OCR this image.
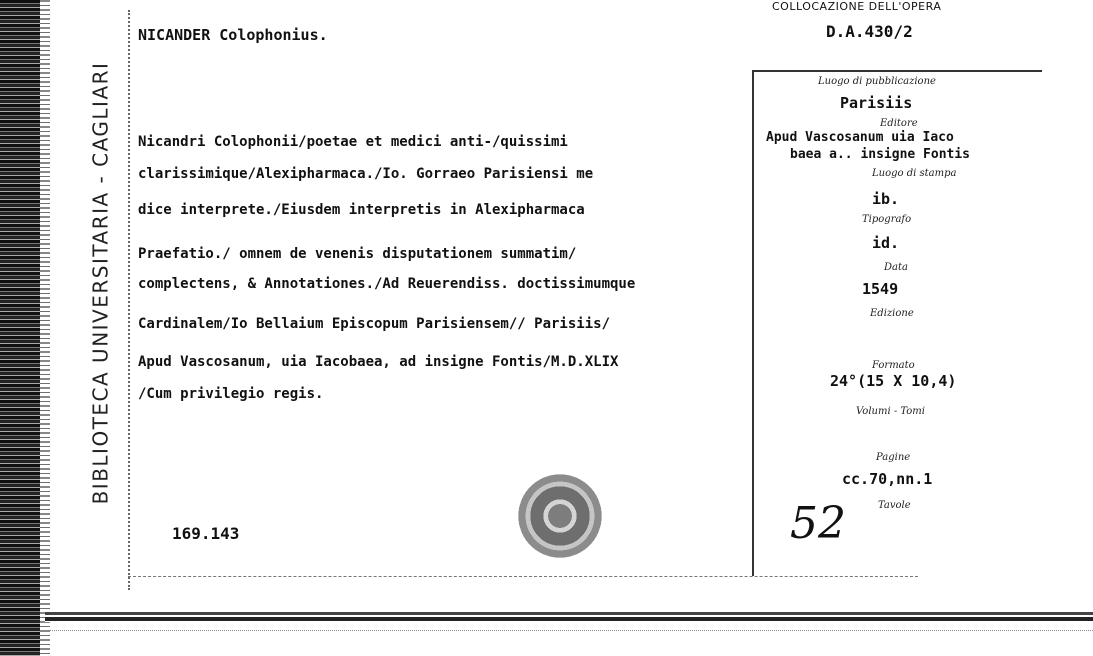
BIBLIOTECA UNIVERSITARIA - CAGLIARI
NICANDER Colophonius.
COLLOCAZIONE DELL'OPERA
D.A.430/2
Nicandri Colophonii/poetae et medici anti-/quissimi
clarissimique/Alexipharmaca./Io. Gorraeo Parisiensi me
dice interprete./Eiusdem interpretis in Alexipharmaca
Praefatio./ omnem de venenis disputationem summatim/
complectens, & Annotationes./Ad Reuerendiss. doctissimumque
Cardinalem/Io Bellaium Episcopum Parisiensem// Parisiis/
Apud Vascosanum, uia Iacobaea, ad insigne Fontis/M.D.XLIX
/Cum privilegio regis.
Luogo di pubblicazione
Parisiis
Editore
Apud Vascosanum uia Iaco
baea a.. insigne Fontis
Luogo di stampa
ib.
Tipografo
id.
Data
1549
Edizione
Formato
24°(15 X 10,4)
Volumi - Tomi
Pagine
cc.70,nn.1
Tavole
169.143	52
